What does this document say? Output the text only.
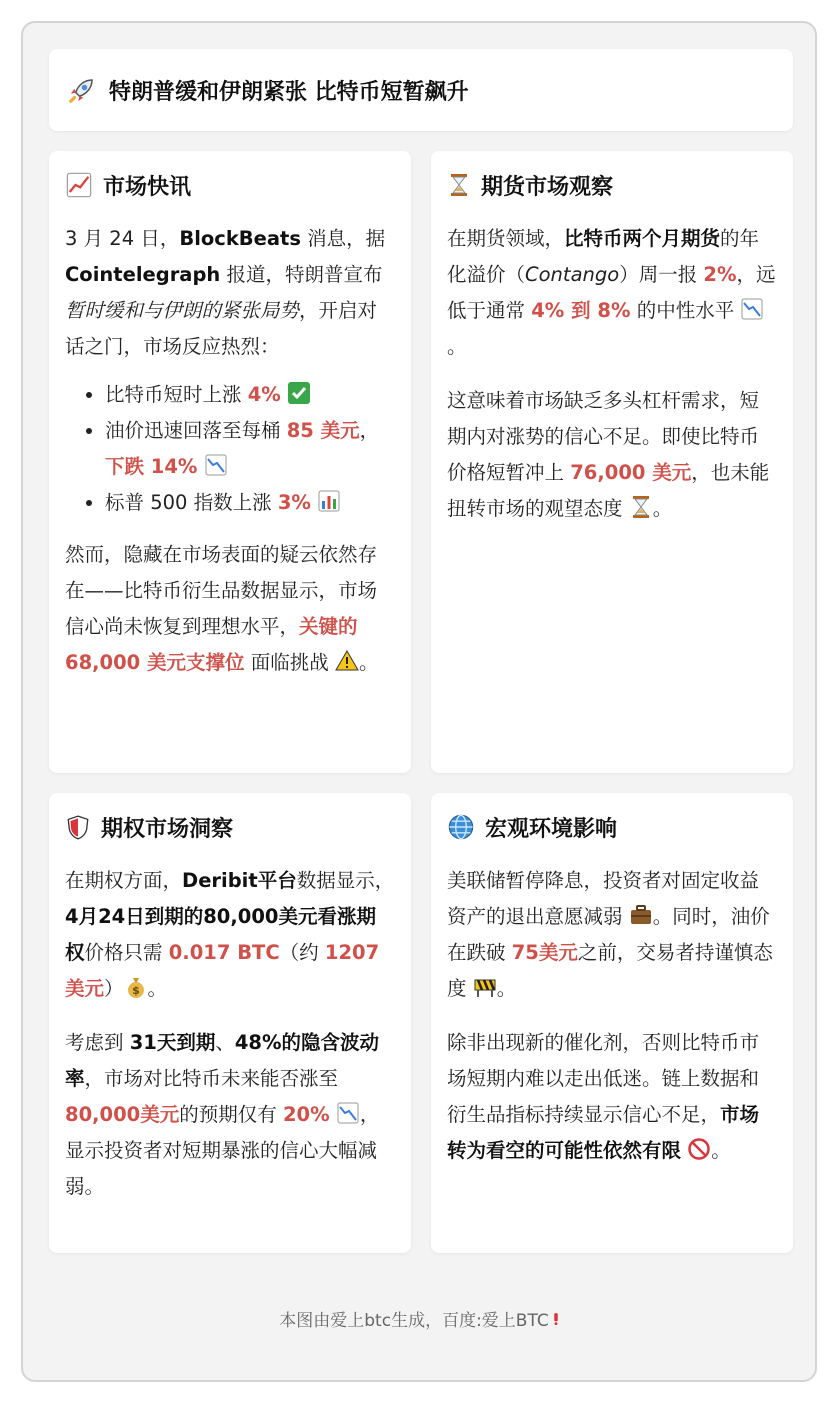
特朗普缓和伊朗紧张 比特币短暂飙升
市场快讯

3 月 24 日，BlockBeats 消息，据 Cointelegraph 报道，特朗普宣布暂时缓和与伊朗的紧张局势，开启对话之门，市场反应热烈：

• 比特币短时上涨 4%
• 油价迅速回落至每桶 85 美元，下跌 14%
• 标普 500 指数上涨 3%

然而，隐藏在市场表面的疑云依然存在——比特币衍生品数据显示，市场信心尚未恢复到理想水平，关键的 68,000 美元支撑位 面临挑战 。

期货市场观察

在期货领域，比特币两个月期货的年化溢价（Contango）周一报 2%，远低于通常 4% 到 8% 的中性水平 。

这意味着市场缺乏多头杠杆需求，短期内对涨势的信心不足。即使比特币价格短暂冲上 76,000 美元，也未能扭转市场的观望态度 。

期权市场洞察

在期权方面，Deribit平台数据显示，4月24日到期的80,000美元看涨期权价格只需 0.017 BTC（约 1207美元） $ 。

考虑到 31天到期、48%的隐含波动率，市场对比特币未来能否涨至 80,000美元的预期仅有 20% ，显示投资者对短期暴涨的信心大幅减弱。

宏观环境影响

美联储暂停降息，投资者对固定收益资产的退出意愿减弱 。同时，油价在跌破 75美元之前，交易者持谨慎态度 。

除非出现新的催化剂，否则比特币市场短期内难以走出低迷。链上数据和衍生品指标持续显示信心不足，市场转为看空的可能性依然有限 。

本图由爱上btc生成，百度:爱上BTC
